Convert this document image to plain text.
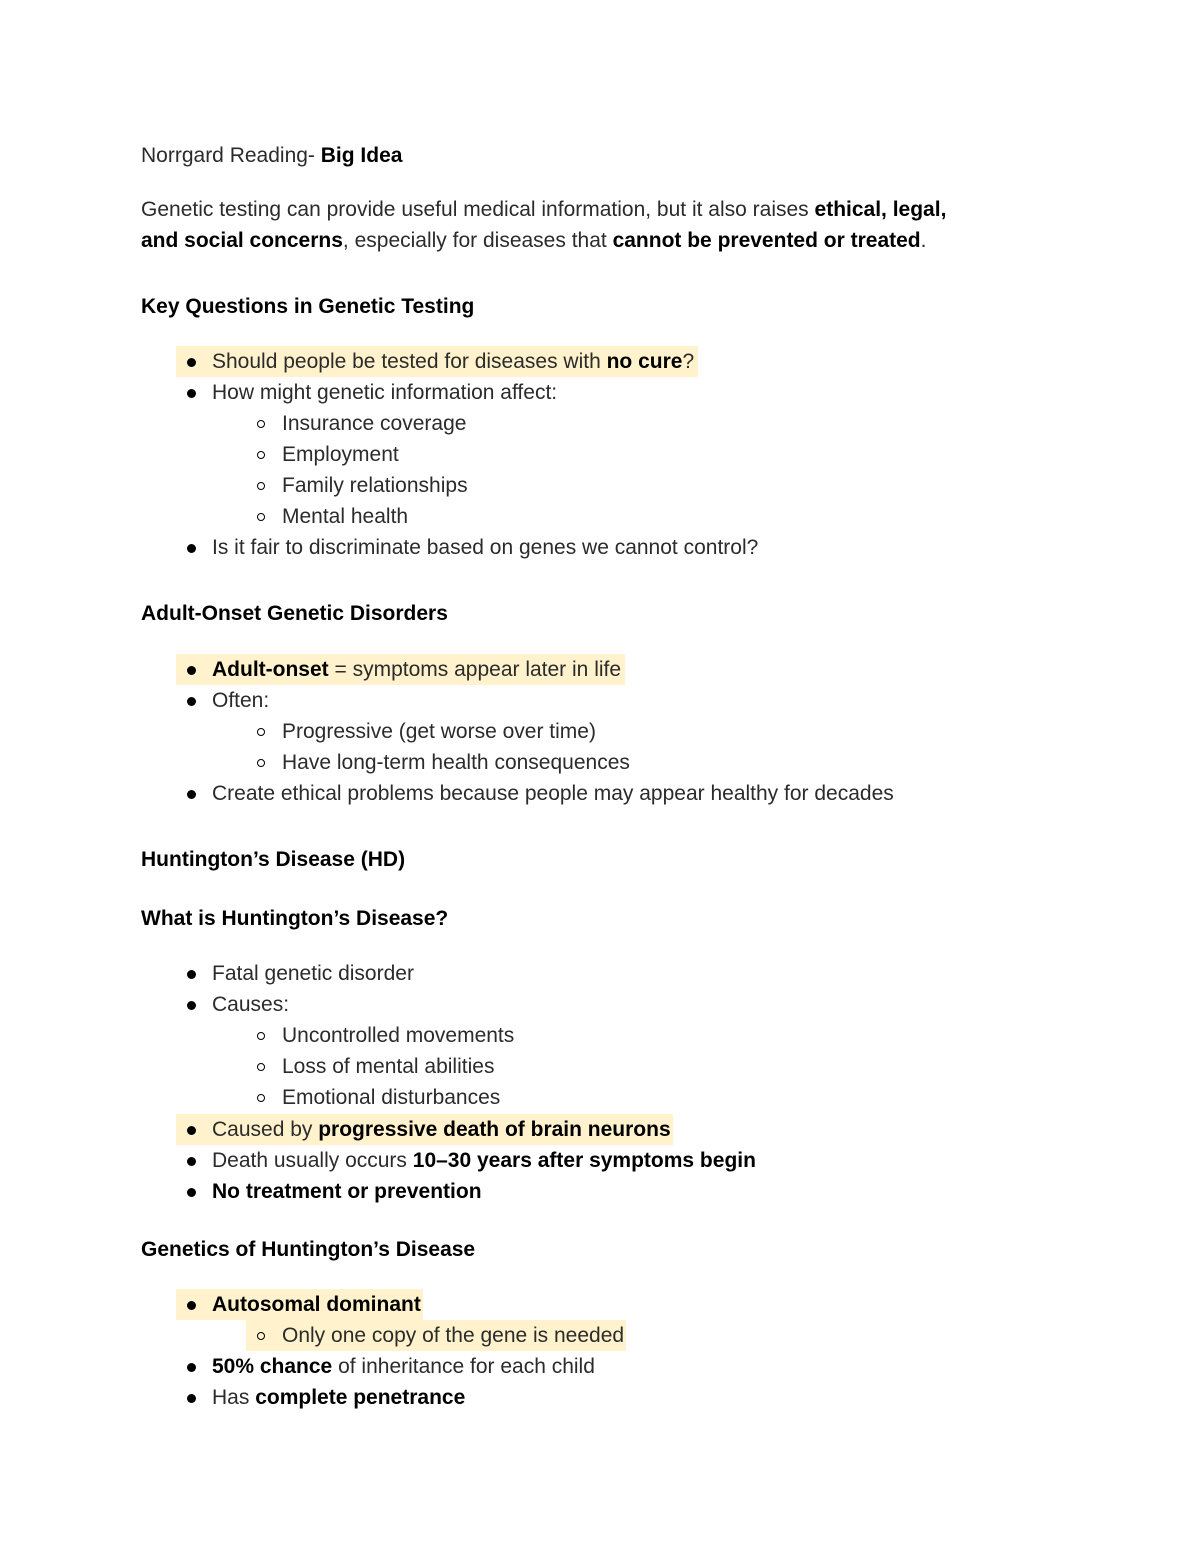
Norrgard Reading- Big Idea
Genetic testing can provide useful medical information, but it also raises ethical, legal,
and social concerns, especially for diseases that cannot be prevented or treated.
Key Questions in Genetic Testing
Should people be tested for diseases with no cure?
How might genetic information affect:
Insurance coverage
Employment
Family relationships
Mental health
Is it fair to discriminate based on genes we cannot control?
Adult-Onset Genetic Disorders
Adult-onset = symptoms appear later in life
Often:
Progressive (get worse over time)
Have long-term health consequences
Create ethical problems because people may appear healthy for decades
Huntington’s Disease (HD)
What is Huntington’s Disease?
Fatal genetic disorder
Causes:
Uncontrolled movements
Loss of mental abilities
Emotional disturbances
Caused by progressive death of brain neurons
Death usually occurs 10–30 years after symptoms begin
No treatment or prevention
Genetics of Huntington’s Disease
Autosomal dominant
Only one copy of the gene is needed
50% chance of inheritance for each child
Has complete penetrance
